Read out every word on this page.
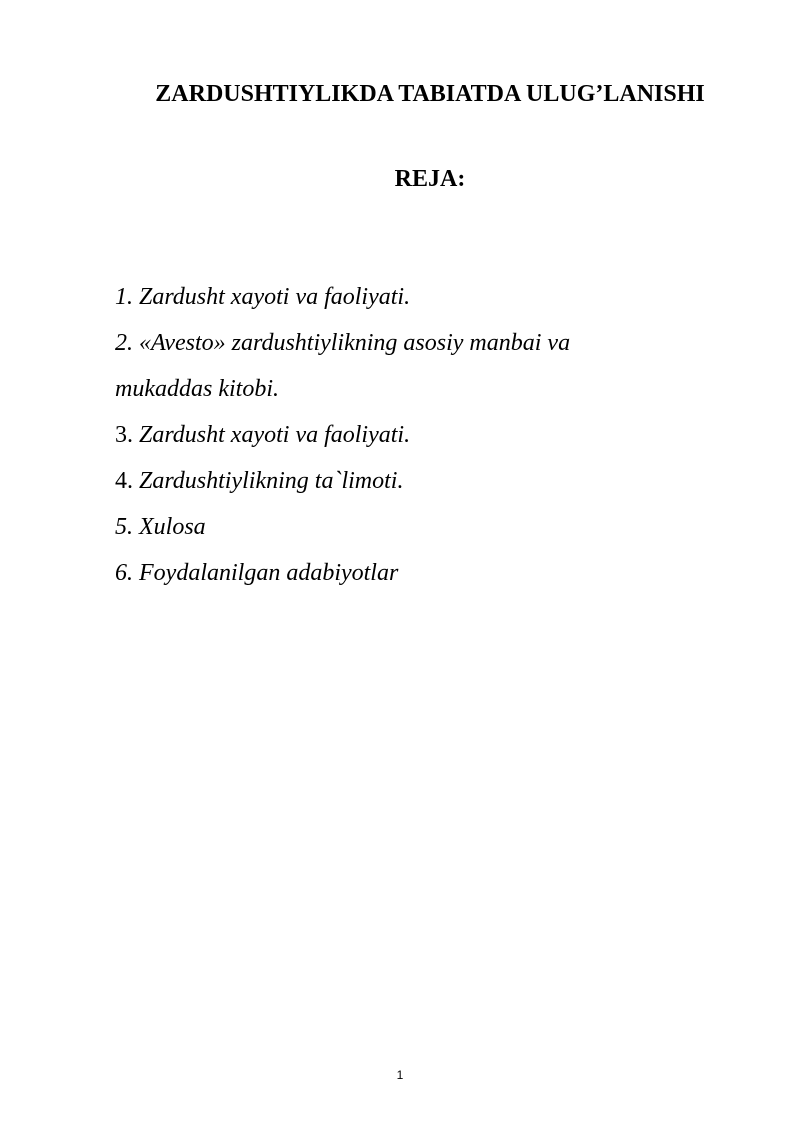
ZARDUSHTIYLIKDA TABIATDA ULUG’LANISHI
REJA:
1. Zardusht xayoti va faoliyati.
2. «Avesto» zardushtiylikning asosiy manbai va
mukaddas kitobi.
3. Zardusht xayoti va faoliyati.
4. Zardushtiylikning ta`limoti.
5. Xulosa
6. Foydalanilgan adabiyotlar
1
